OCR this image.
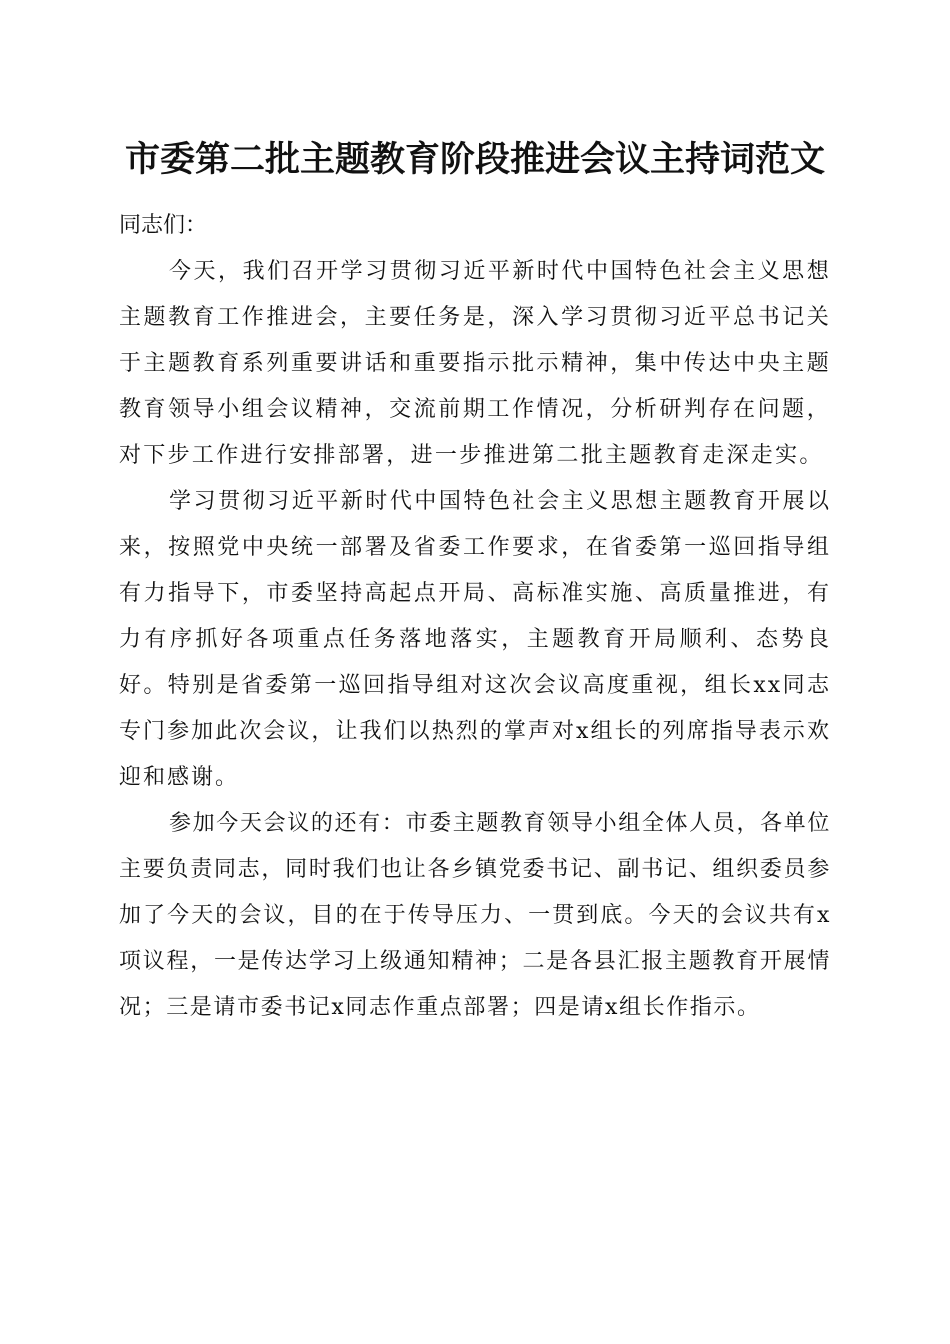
市委第二批主题教育阶段推进会议主持词范文

同志们：

今天，我们召开学习贯彻习近平新时代中国特色社会主义思想主题教育工作推进会，主要任务是，深入学习贯彻习近平总书记关于主题教育系列重要讲话和重要指示批示精神，集中传达中央主题教育领导小组会议精神，交流前期工作情况，分析研判存在问题，对下步工作进行安排部署，进一步推进第二批主题教育走深走实。

学习贯彻习近平新时代中国特色社会主义思想主题教育开展以来，按照党中央统一部署及省委工作要求，在省委第一巡回指导组有力指导下，市委坚持高起点开局、高标准实施、高质量推进，有力有序抓好各项重点任务落地落实，主题教育开局顺利、态势良好。特别是省委第一巡回指导组对这次会议高度重视，组长xx同志专门参加此次会议，让我们以热烈的掌声对x组长的列席指导表示欢迎和感谢。

参加今天会议的还有：市委主题教育领导小组全体人员，各单位主要负责同志，同时我们也让各乡镇党委书记、副书记、组织委员参加了今天的会议，目的在于传导压力、一贯到底。今天的会议共有x项议程，一是传达学习上级通知精神；二是各县汇报主题教育开展情况；三是请市委书记x同志作重点部署；四是请x组长作指示。
